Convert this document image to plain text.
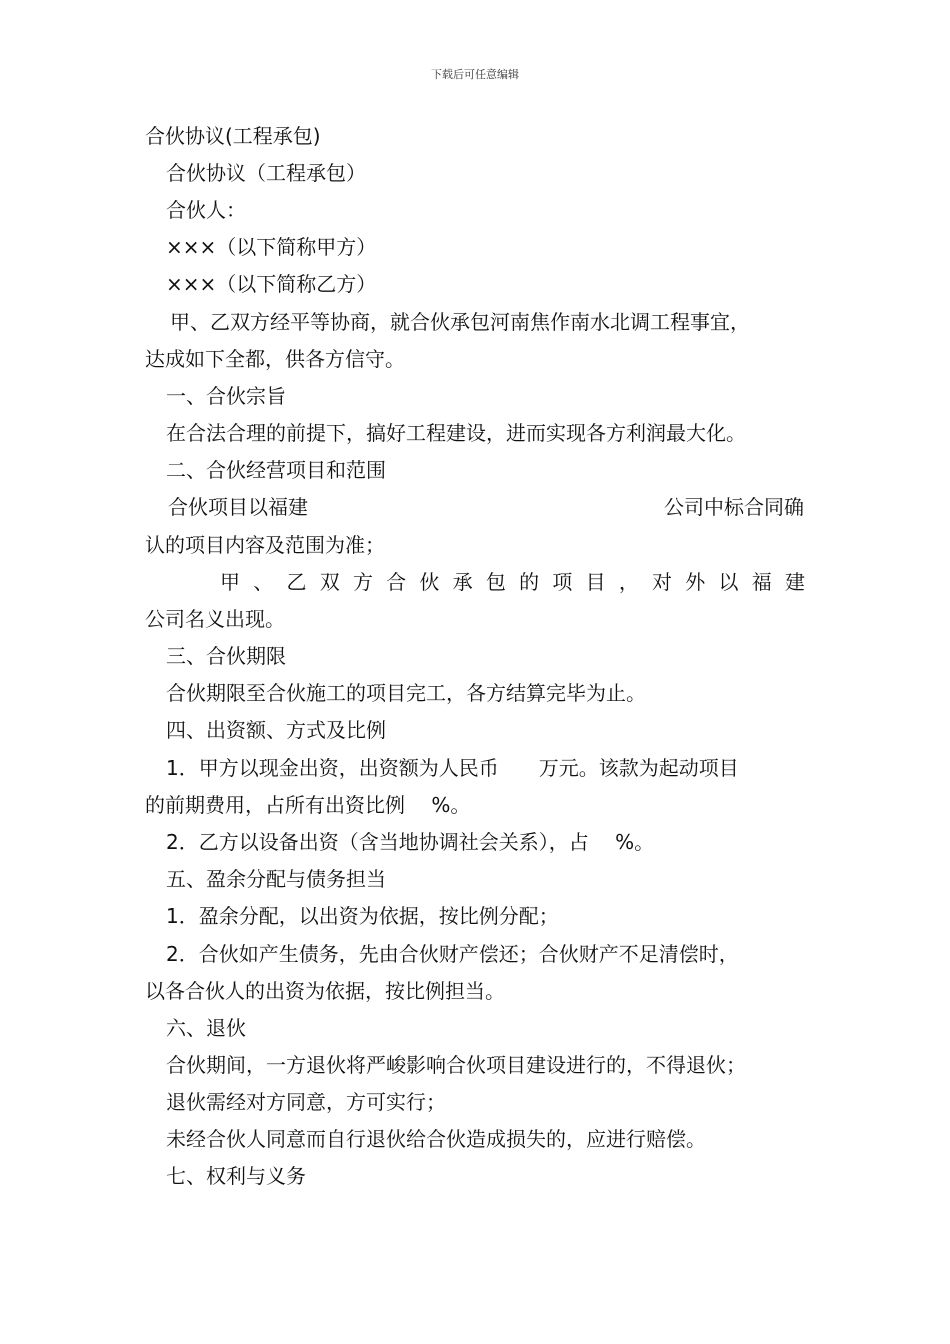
下载后可任意编辑

合伙协议(工程承包)

合伙协议（工程承包）

合伙人：

×××（以下简称甲方）

×××（以下简称乙方）

甲、乙双方经平等协商，就合伙承包河南焦作南水北调工程事宜，

达成如下全都，供各方信守。

一、合伙宗旨

在合法合理的前提下，搞好工程建设，进而实现各方利润最大化。

二、合伙经营项目和范围

合伙项目以福建	公司中标合同确

认的项目内容及范围为准；

甲 、 乙 双 方 合 伙 承 包 的 项 目 ， 对 外 以 福 建

公司名义出现。

三、合伙期限

合伙期限至合伙施工的项目完工，各方结算完毕为止。

四、出资额、方式及比例

1．甲方以现金出资，出资额为人民币　　万元。该款为起动项目

的前期费用，占所有出资比例　 %。

2．乙方以设备出资（含当地协调社会关系），占　 %。

五、盈余分配与债务担当

1．盈余分配，以出资为依据，按比例分配；

2．合伙如产生债务，先由合伙财产偿还；合伙财产不足清偿时，

以各合伙人的出资为依据，按比例担当。

六、退伙

合伙期间，一方退伙将严峻影响合伙项目建设进行的，不得退伙；

退伙需经对方同意，方可实行；

未经合伙人同意而自行退伙给合伙造成损失的，应进行赔偿。

七、权利与义务
